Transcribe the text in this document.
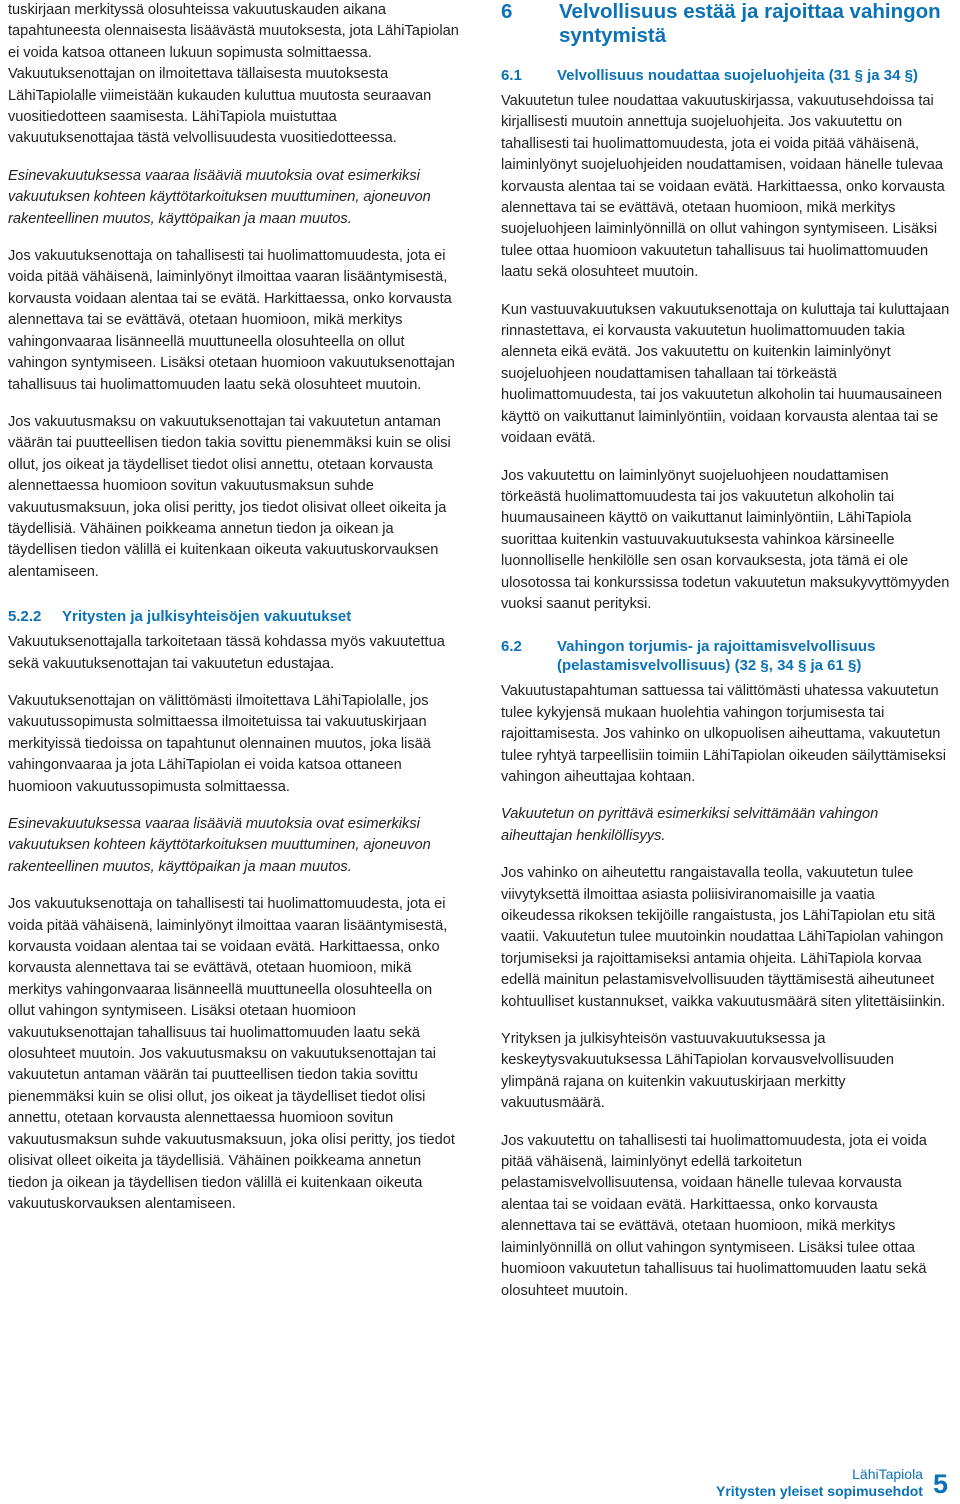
tuskirjaan merkityssä olosuhteissa vakuutuskauden aikana tapahtuneesta olennaisesta lisäävästä muutoksesta, jota LähiTapiolan ei voida katsoa ottaneen lukuun sopimusta solmittaessa. Vakuutuksenottajan on ilmoitettava tällaisesta muutoksesta LähiTapiolalle viimeistään kukauden kuluttua muutosta seuraavan vuositiedotteen saamisesta. LähiTapiola muistuttaa vakuutuksenottajaa tästä velvollisuudesta vuositiedotteessa.

Esinevakuutuksessa vaaraa lisääviä muutoksia ovat esimerkiksi vakuutuksen kohteen käyttötarkoituksen muuttuminen, ajoneuvon rakenteellinen muutos, käyttöpaikan ja maan muutos.

Jos vakuutuksenottaja on tahallisesti tai huolimattomuudesta, jota ei voida pitää vähäisenä, laiminlyönyt ilmoittaa vaaran lisääntymisestä, korvausta voidaan alentaa tai se evätä. Harkittaessa, onko korvausta alennettava tai se evättävä, otetaan huomioon, mikä merkitys vahingonvaaraa lisänneellä muuttuneella olosuhteella on ollut vahingon syntymiseen. Lisäksi otetaan huomioon vakuutuksenottajan tahallisuus tai huolimattomuuden laatu sekä olosuhteet muutoin.

Jos vakuutusmaksu on vakuutuksenottajan tai vakuutetun antaman väärän tai puutteellisen tiedon takia sovittu pienemmäksi kuin se olisi ollut, jos oikeat ja täydelliset tiedot olisi annettu, otetaan korvausta alennettaessa huomioon sovitun vakuutusmaksun suhde vakuutusmaksuun, joka olisi peritty, jos tiedot olisivat olleet oikeita ja täydellisiä. Vähäinen poikkeama annetun tiedon ja oikean ja täydellisen tiedon välillä ei kuitenkaan oikeuta vakuutuskorvauksen alentamiseen.

5.2.2	Yritysten ja julkisyhteisöjen vakuutukset

Vakuutuksenottajalla tarkoitetaan tässä kohdassa myös vakuutettua sekä vakuutuksenottajan tai vakuutetun edustajaa.

Vakuutuksenottajan on välittömästi ilmoitettava LähiTapiolalle, jos vakuutussopimusta solmittaessa ilmoitetuissa tai vakuutuskirjaan merkityissä tiedoissa on tapahtunut olennainen muutos, joka lisää vahingonvaaraa ja jota LähiTapiolan ei voida katsoa ottaneen huomioon vakuutussopimusta solmittaessa.

Esinevakuutuksessa vaaraa lisääviä muutoksia ovat esimerkiksi vakuutuksen kohteen käyttötarkoituksen muuttuminen, ajoneuvon rakenteellinen muutos, käyttöpaikan ja maan muutos.

Jos vakuutuksenottaja on tahallisesti tai huolimattomuudesta, jota ei voida pitää vähäisenä, laiminlyönyt ilmoittaa vaaran lisääntymisestä, korvausta voidaan alentaa tai se voidaan evätä. Harkittaessa, onko korvausta alennettava tai se evättävä, otetaan huomioon, mikä merkitys vahingonvaaraa lisänneellä muuttuneella olosuhteella on ollut vahingon syntymiseen. Lisäksi otetaan huomioon vakuutuksenottajan tahallisuus tai huolimattomuuden laatu sekä olosuhteet muutoin. Jos vakuutusmaksu on vakuutuksenottajan tai vakuutetun antaman väärän tai puutteellisen tiedon takia sovittu pienemmäksi kuin se olisi ollut, jos oikeat ja täydelliset tiedot olisi annettu, otetaan korvausta alennettaessa huomioon sovitun vakuutusmaksun suhde vakuutusmaksuun, joka olisi peritty, jos tiedot olisivat olleet oikeita ja täydellisiä. Vähäinen poikkeama annetun tiedon ja oikean ja täydellisen tiedon välillä ei kuitenkaan oikeuta vakuutuskorvauksen alentamiseen.

6	Velvollisuus estää ja rajoittaa vahingon syntymistä
6.1	Velvollisuus noudattaa suojeluohjeita (31 § ja 34 §)

Vakuutetun tulee noudattaa vakuutuskirjassa, vakuutusehdoissa tai kirjallisesti muutoin annettuja suojeluohjeita. Jos vakuutettu on tahallisesti tai huolimattomuudesta, jota ei voida pitää vähäisenä, laiminlyönyt suojeluohjeiden noudattamisen, voidaan hänelle tulevaa korvausta alentaa tai se voidaan evätä. Harkittaessa, onko korvausta alennettava tai se evättävä, otetaan huomioon, mikä merkitys suojeluohjeen laiminlyönnillä on ollut vahingon syntymiseen. Lisäksi tulee ottaa huomioon vakuutetun tahallisuus tai huolimattomuuden laatu sekä olosuhteet muutoin.

Kun vastuuvakuutuksen vakuutuksenottaja on kuluttaja tai kuluttajaan rinnastettava, ei korvausta vakuutetun huolimattomuuden takia alenneta eikä evätä. Jos vakuutettu on kuitenkin laiminlyönyt suojeluohjeen noudattamisen tahallaan tai törkeästä huolimattomuudesta, tai jos vakuutetun alkoholin tai huumausaineen käyttö on vaikuttanut laiminlyöntiin, voidaan korvausta alentaa tai se voidaan evätä.

Jos vakuutettu on laiminlyönyt suojeluohjeen noudattamisen törkeästä huolimattomuudesta tai jos vakuutetun alkoholin tai huumausaineen käyttö on vaikuttanut laiminlyöntiin, LähiTapiola suorittaa kuitenkin vastuuvakuutuksesta vahinkoa kärsineelle luonnolliselle henkilölle sen osan korvauksesta, jota tämä ei ole ulosotossa tai konkurssissa todetun vakuutetun maksukyvyttömyyden vuoksi saanut perityksi.

6.2	Vahingon torjumis- ja rajoittamisvelvollisuus (pelastamisvelvollisuus) (32 §, 34 § ja 61 §)

Vakuutustapahtuman sattuessa tai välittömästi uhatessa vakuutetun tulee kykyjensä mukaan huolehtia vahingon torjumisesta tai rajoittamisesta. Jos vahinko on ulkopuolisen aiheuttama, vakuutetun tulee ryhtyä tarpeellisiin toimiin LähiTapiolan oikeuden säilyttämiseksi vahingon aiheuttajaa kohtaan.

Vakuutetun on pyrittävä esimerkiksi selvittämään vahingon aiheuttajan henkilöllisyys.

Jos vahinko on aiheutettu rangaistavalla teolla, vakuutetun tulee viivytyksettä ilmoittaa asiasta poliisiviranomaisille ja vaatia oikeudessa rikoksen tekijöille rangaistusta, jos LähiTapiolan etu sitä vaatii. Vakuutetun tulee muutoinkin noudattaa LähiTapiolan vahingon torjumiseksi ja rajoittamiseksi antamia ohjeita. LähiTapiola korvaa edellä mainitun pelastamisvelvollisuuden täyttämisestä aiheutuneet kohtuulliset kustannukset, vaikka vakuutusmäärä siten ylitettäisiinkin.

Yrityksen ja julkisyhteisön vastuuvakuutuksessa ja keskeytysvakuutuksessa LähiTapiolan korvausvelvollisuuden ylimpänä rajana on kuitenkin vakuutuskirjaan merkitty vakuutusmäärä.

Jos vakuutettu on tahallisesti tai huolimattomuudesta, jota ei voida pitää vähäisenä, laiminlyönyt edellä tarkoitetun pelastamisvelvollisuutensa, voidaan hänelle tulevaa korvausta alentaa tai se voidaan evätä. Harkittaessa, onko korvausta alennettava tai se evättävä, otetaan huomioon, mikä merkitys laiminlyönnillä on ollut vahingon syntymiseen. Lisäksi tulee ottaa huomioon vakuutetun tahallisuus tai huolimattomuuden laatu sekä olosuhteet muutoin.

LähiTapiola
Yritysten yleiset sopimusehdot 5
